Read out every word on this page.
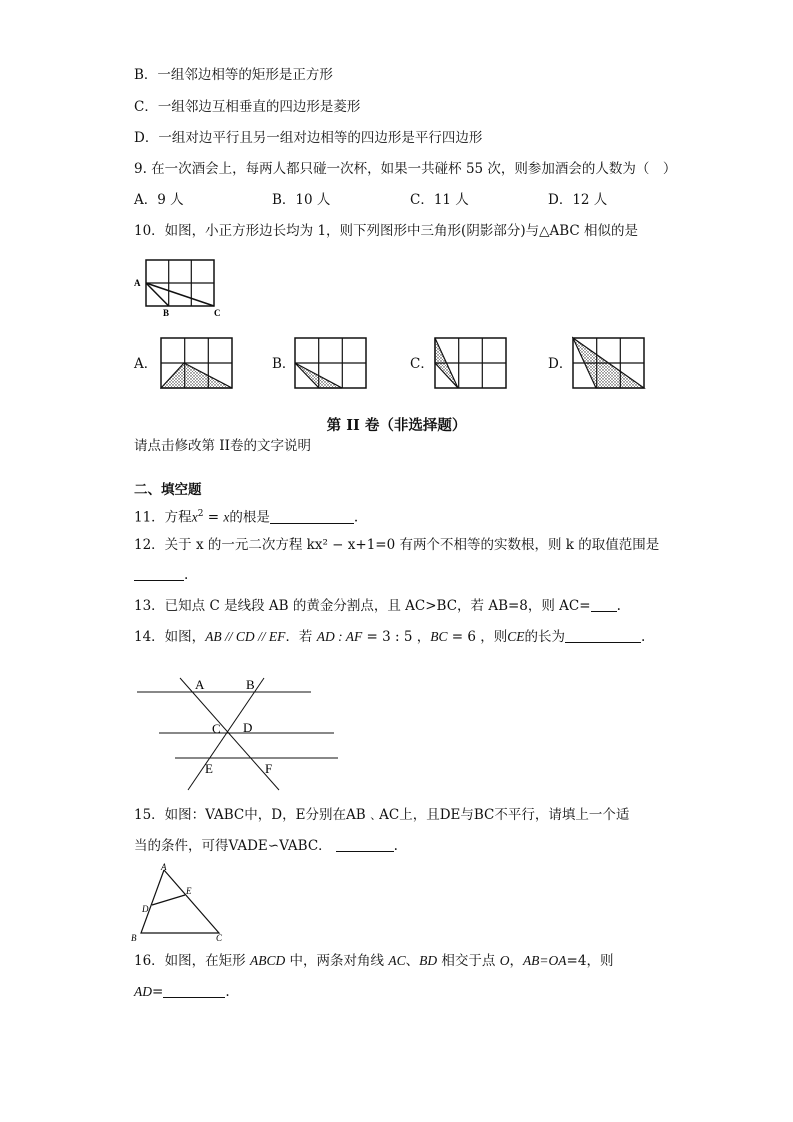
B．一组邻边相等的矩形是正方形
C．一组邻边互相垂直的四边形是菱形
D．一组对边平行且另一组对边相等的四边形是平行四边形
9. 在一次酒会上，每两人都只碰一次杯，如果一共碰杯 55 次，则参加酒会的人数为（　）
A．9 人	B．10 人	C．11 人	D．12 人
10．如图，小正方形边长均为 1，则下列图形中三角形(阴影部分)与△ABC 相似的是
A
B	C
A．	B．	C．	D．
第 II 卷（非选择题）
请点击修改第 II卷的文字说明
二、填空题
11．方程$x^2 = x$的根是	.
12．关于 x 的一元二次方程 kx² − x+1=0 有两个不相等的实数根，则 k 的取值范围是
.
13．已知点 C 是线段 AB 的黄金分割点，且 AC>BC，若 AB=8，则 AC= .
14．如图，AB // CD // EF．若 AD : AF = 3 : 5 ，BC = 6 ，则CE的长为	.
A	B
C D
E	F
15．如图：VABC中，D，E分别在AB﹑AC上，且DE与BC不平行，请填上一个适
当的条件，可得VADE∽VABC．	.
A
E
D
B	C
16．如图，在矩形 ABCD 中，两条对角线 AC、BD 相交于点 O，AB=OA=4，则
AD=	.
